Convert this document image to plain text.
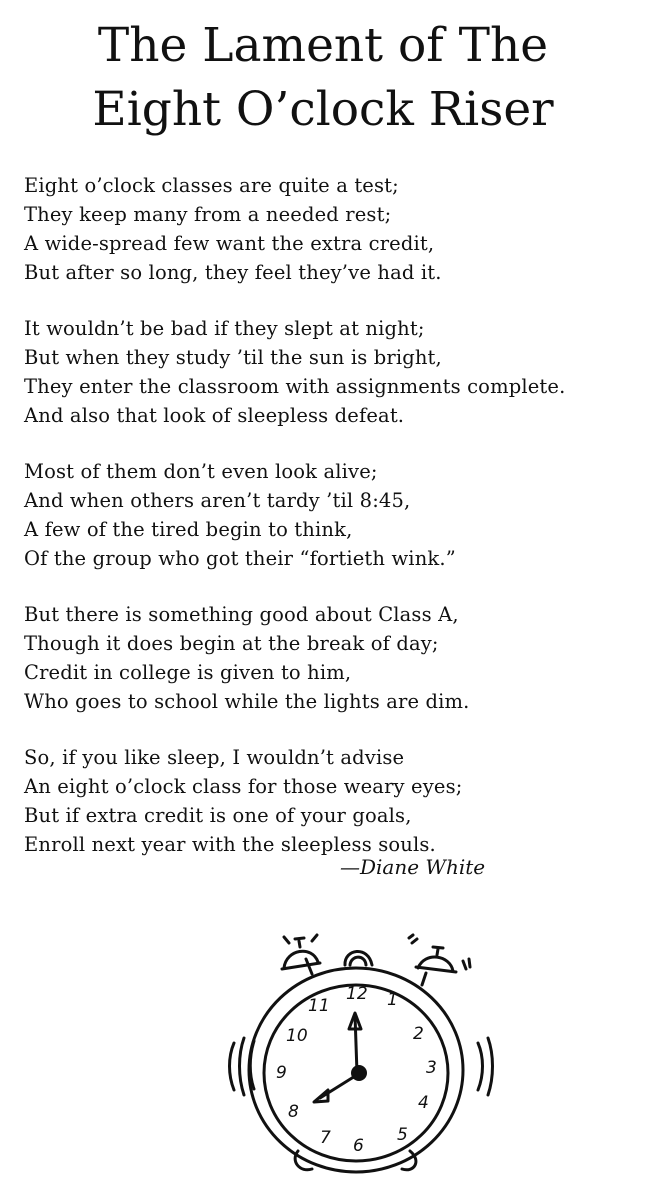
The Lament of The
Eight O’clock Riser
Eight o’clock classes are quite a test;
They keep many from a needed rest;
A wide-spread few want the extra credit,
But after so long, they feel they’ve had it.
It wouldn’t be bad if they slept at night;
But when they study ’til the sun is bright,
They enter the classroom with assignments complete.
And also that look of sleepless defeat.
Most of them don’t even look alive;
And when others aren’t tardy ’til 8:45,
A few of the tired begin to think,
Of the group who got their “fortieth wink.”
But there is something good about Class A,
Though it does begin at the break of day;
Credit in college is given to him,
Who goes to school while the lights are dim.
So, if you like sleep, I wouldn’t advise
An eight o’clock class for those weary eyes;
But if extra credit is one of your goals,
Enroll next year with the sleepless souls.
—Diane White
12 1
2
3
4
5
6
7
8
9
10
11
